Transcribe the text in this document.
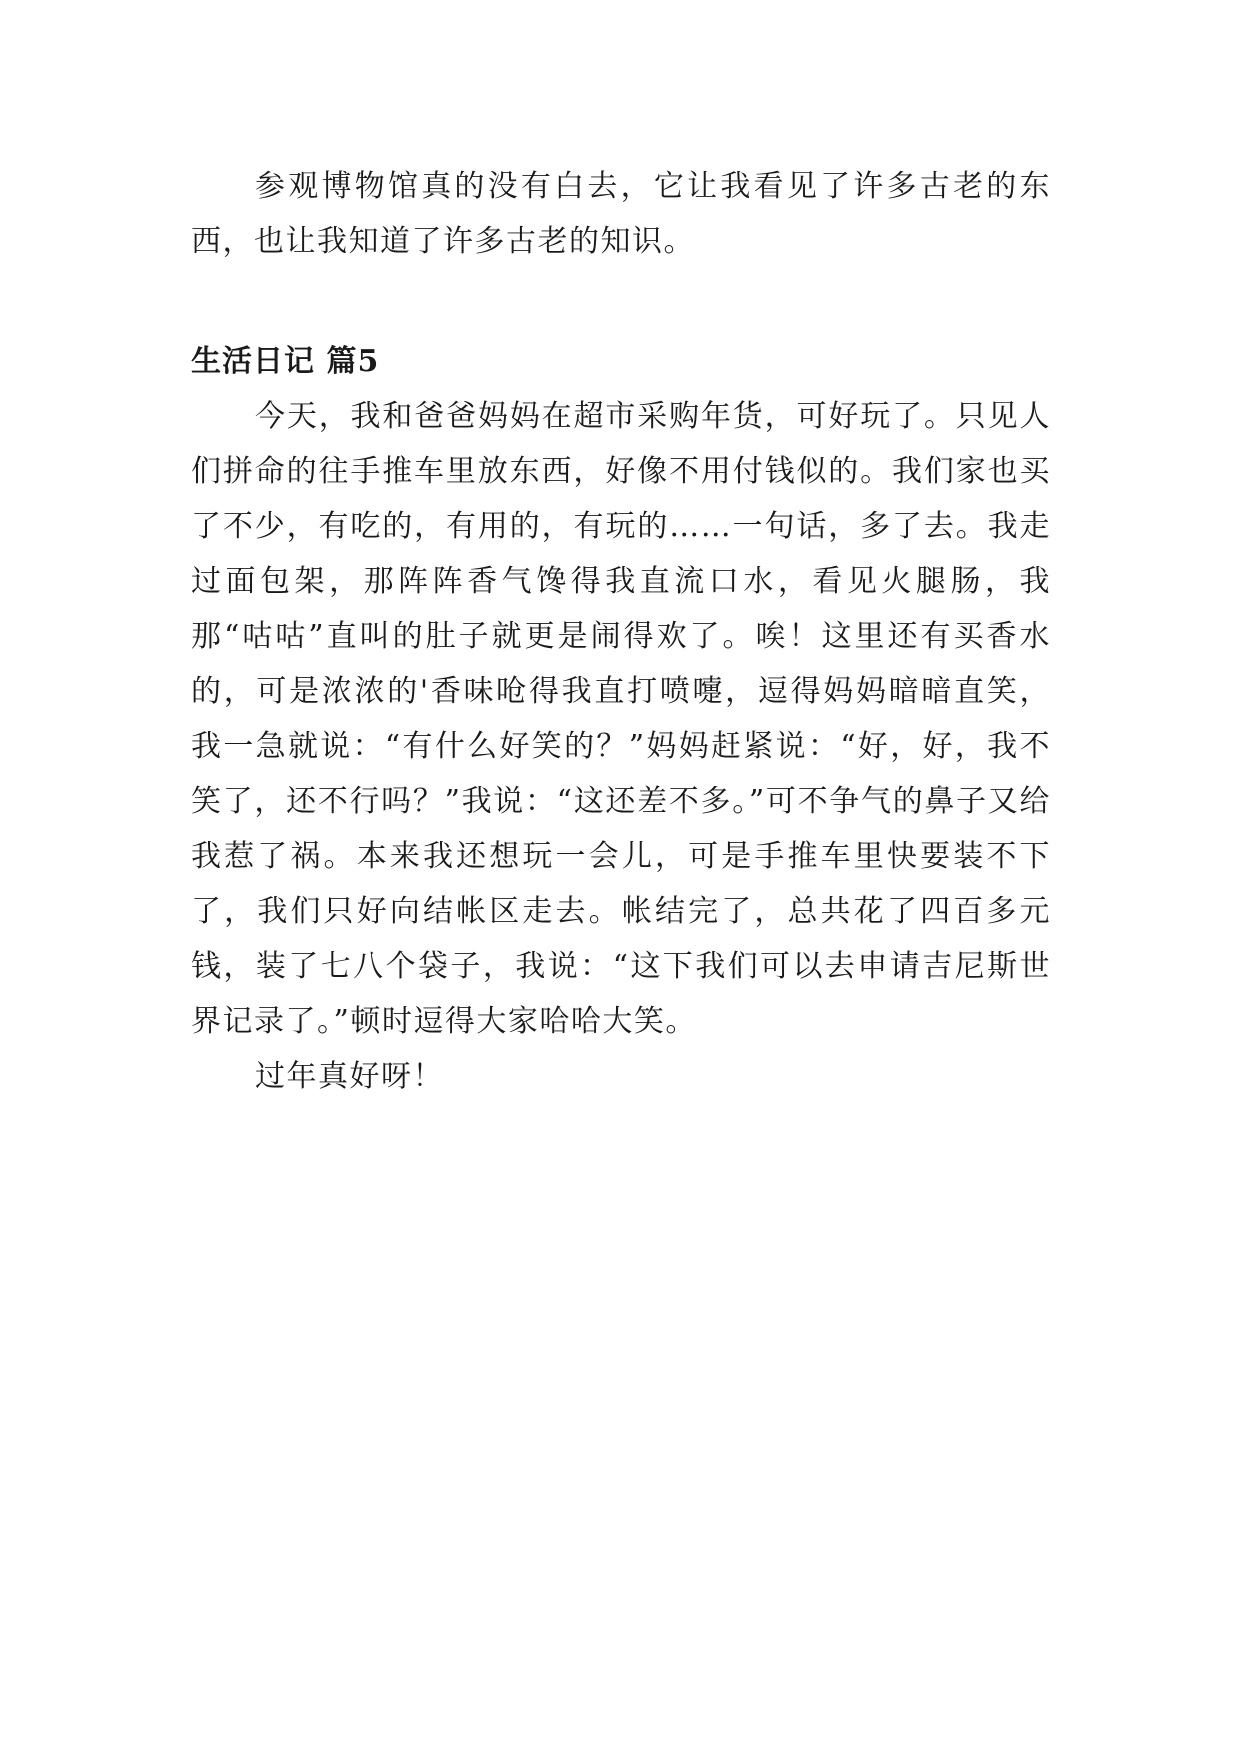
参观博物馆真的没有白去，它让我看见了许多古老的东西，也让我知道了许多古老的知识。

生活日记 篇5

今天，我和爸爸妈妈在超市采购年货，可好玩了。只见人们拼命的往手推车里放东西，好像不用付钱似的。我们家也买了不少，有吃的，有用的，有玩的……一句话，多了去。我走过面包架，那阵阵香气馋得我直流口水，看见火腿肠，我那“咕咕”直叫的肚子就更是闹得欢了。唉！这里还有买香水的，可是浓浓的'香味呛得我直打喷嚏，逗得妈妈暗暗直笑，我一急就说：“有什么好笑的？”妈妈赶紧说：“好，好，我不笑了，还不行吗？”我说：“这还差不多。”可不争气的鼻子又给我惹了祸。本来我还想玩一会儿，可是手推车里快要装不下了，我们只好向结帐区走去。帐结完了，总共花了四百多元钱，装了七八个袋子，我说：“这下我们可以去申请吉尼斯世界记录了。”顿时逗得大家哈哈大笑。

过年真好呀！
